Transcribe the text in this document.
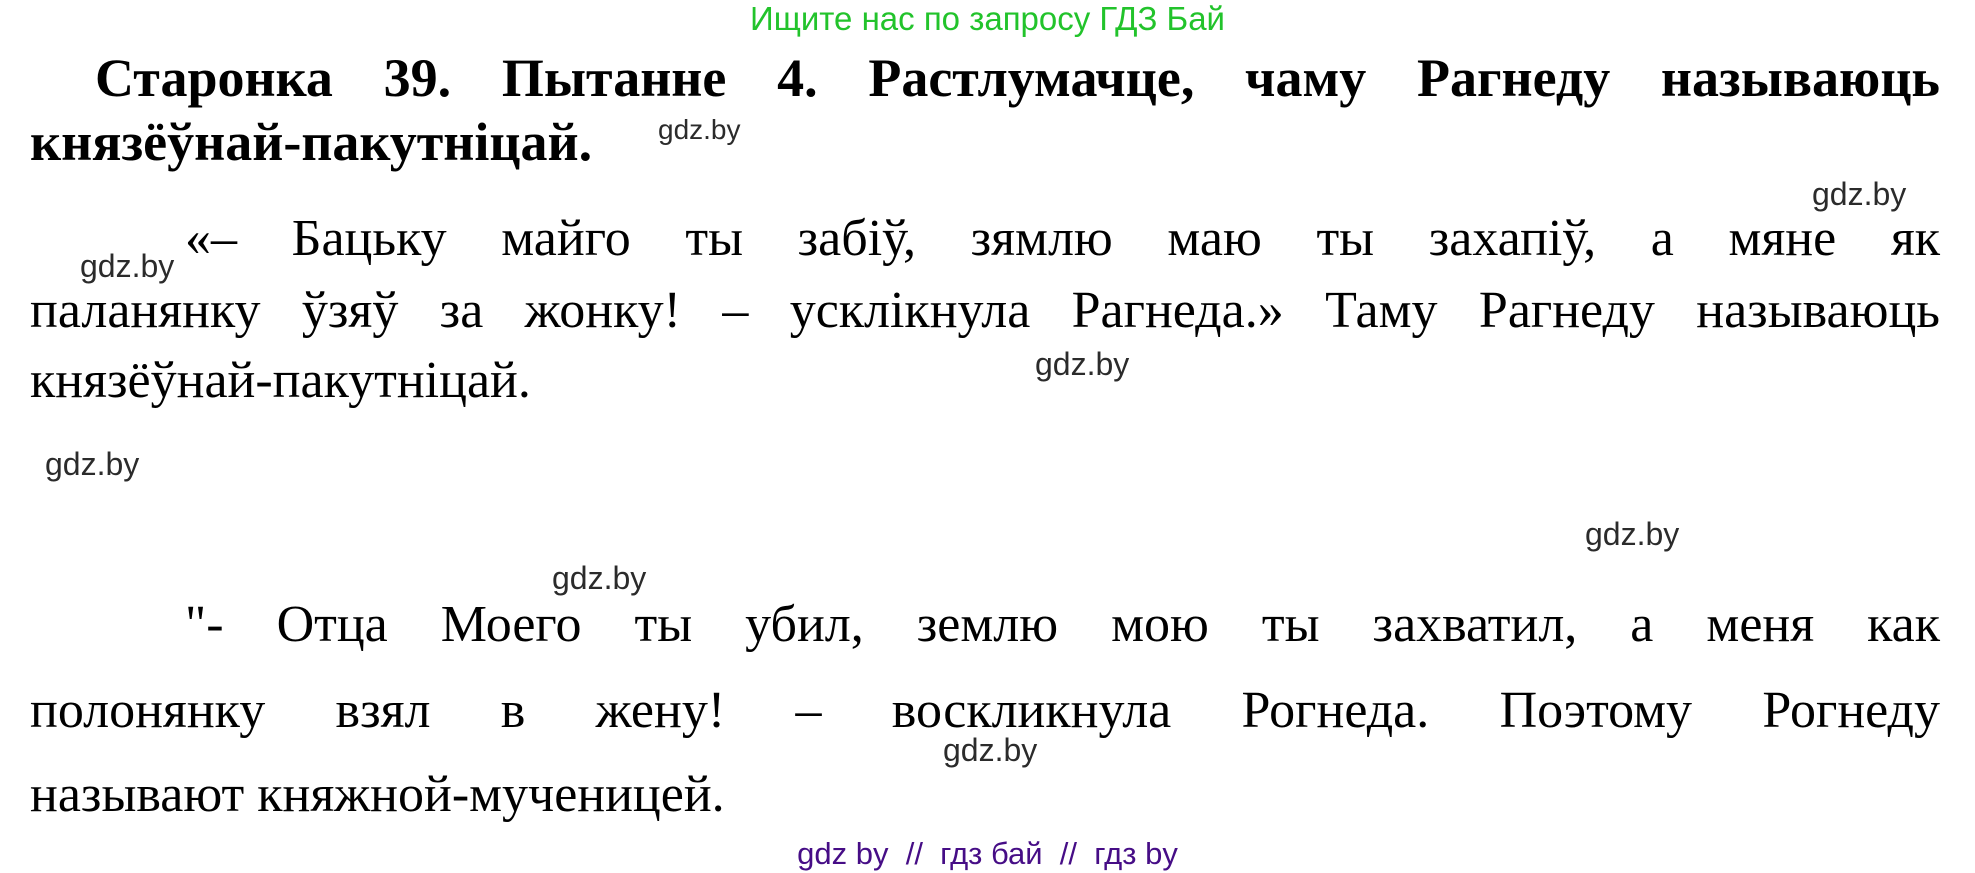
Ищите нас по запросу ГДЗ Бай
Старонка 39. Пытанне 4. Растлумачце, чаму Рагнеду называюць
князёўнай-пакутніцай. gdz.by
gdz.by
«– Бацьку майго ты забіў, зямлю маю ты захапіў, а мяне як
gdz.by
паланянку ўзяў за жонку! – усклікнула Рагнеда.» Таму Рагнеду называюць
князёўнай-пакутніцай.	gdz.by
gdz.by
gdz.by
gdz.by
"- Отца Моего ты убил, землю мою ты захватил, а меня как
полонянку взял в жену! – воскликнула Рогнеда. Поэтому Рогнеду
gdz.by
называют княжной-мученицей.
gdz by  //  гдз бай  //  гдз by
